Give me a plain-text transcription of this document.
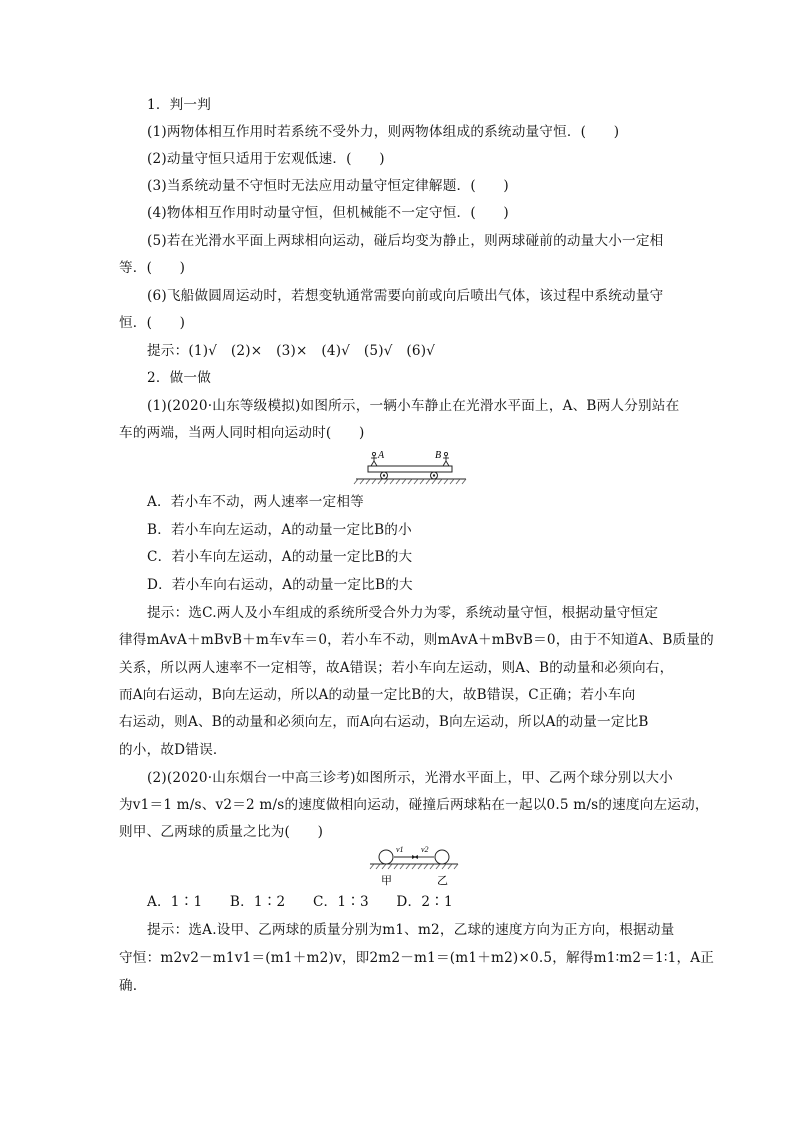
1．判一判
(1)两物体相互作用时若系统不受外力，则两物体组成的系统动量守恒．(　　)
(2)动量守恒只适用于宏观低速．(　　)
(3)当系统动量不守恒时无法应用动量守恒定律解题．(　　)
(4)物体相互作用时动量守恒，但机械能不一定守恒．(　　)
(5)若在光滑水平面上两球相向运动，碰后均变为静止，则两球碰前的动量大小一定相
等．(　　)
(6)飞船做圆周运动时，若想变轨通常需要向前或向后喷出气体，该过程中系统动量守
恒．(　　)
提示：(1)√　(2)×　(3)×　(4)√　(5)√　(6)√
2．做一做
(1)(2020·山东等级模拟)如图所示，一辆小车静止在光滑水平面上，A、B两人分别站在
车的两端，当两人同时相向运动时(　　)
A	B
A．若小车不动，两人速率一定相等
B．若小车向左运动，A的动量一定比B的小
C．若小车向左运动，A的动量一定比B的大
D．若小车向右运动，A的动量一定比B的大
提示：选C.两人及小车组成的系统所受合外力为零，系统动量守恒，根据动量守恒定
律得mAvA＋mBvB＋m车v车＝0，若小车不动，则mAvA＋mBvB＝0，由于不知道A、B质量的
关系，所以两人速率不一定相等，故A错误；若小车向左运动，则A、B的动量和必须向右，
而A向右运动，B向左运动，所以A的动量一定比B的大，故B错误，C正确；若小车向
右运动，则A、B的动量和必须向左，而A向右运动，B向左运动，所以A的动量一定比B
的小，故D错误．
(2)(2020·山东烟台一中高三诊考)如图所示，光滑水平面上，甲、乙两个球分别以大小
为v1＝1 m/s、v2＝2 m/s的速度做相向运动，碰撞后两球粘在一起以0.5 m/s的速度向左运动，
则甲、乙两球的质量之比为(　　)
v1 v2
甲	乙
A．1∶1　　B．1∶2　　C．1∶3　　D．2∶1
提示：选A.设甲、乙两球的质量分别为m1、m2，乙球的速度方向为正方向，根据动量
守恒：m2v2－m1v1＝(m1＋m2)v，即2m2－m1＝(m1＋m2)×0.5，解得m1∶m2＝1∶1，A正
确.
